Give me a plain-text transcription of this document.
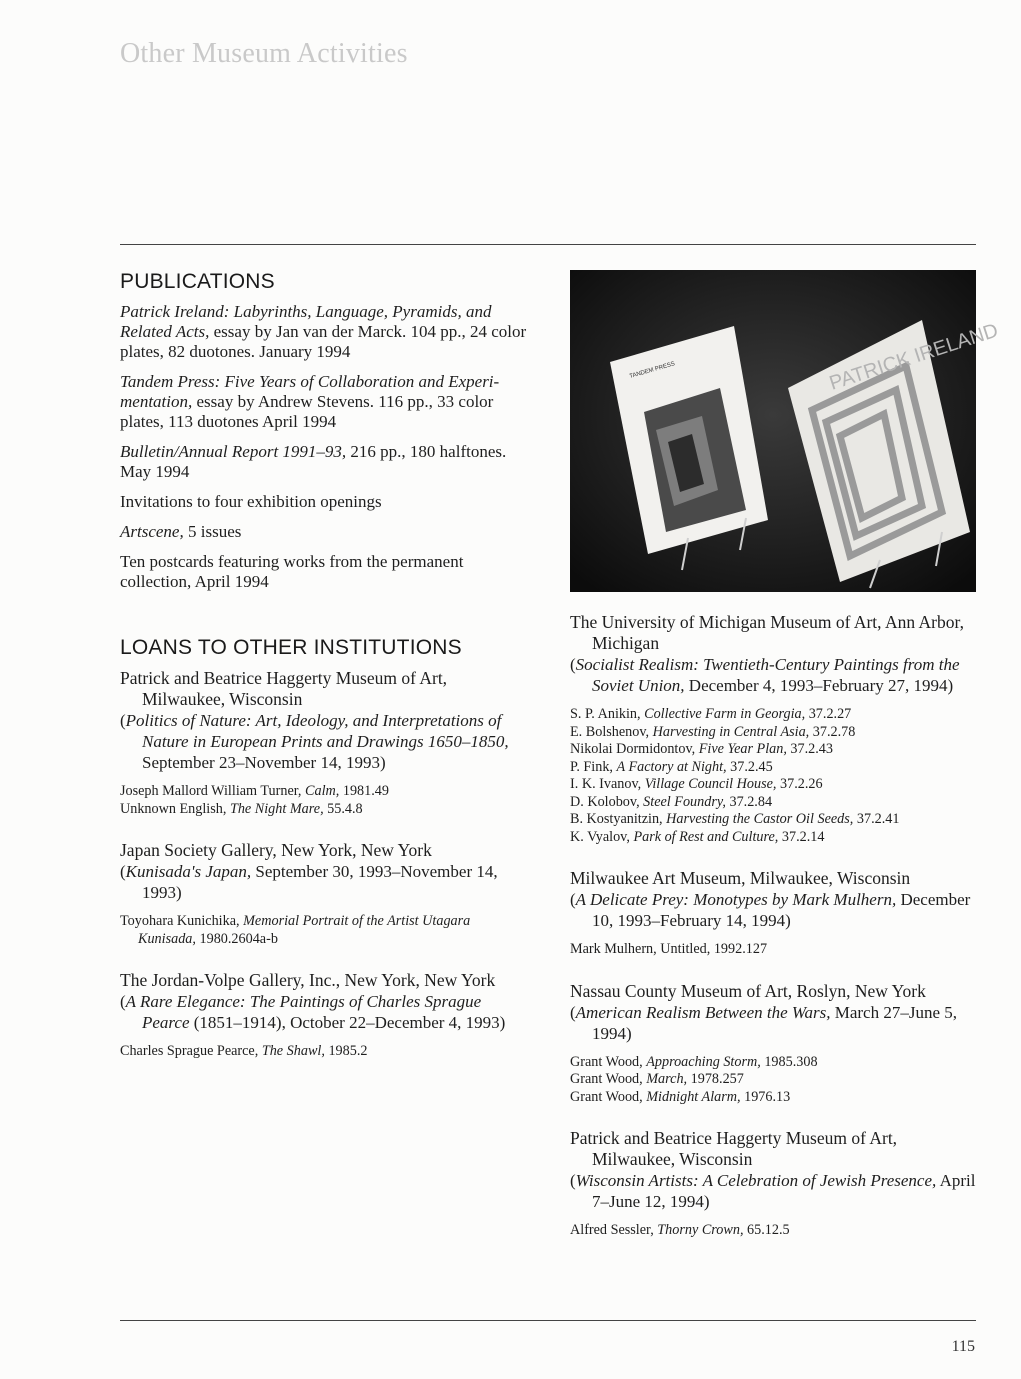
Other Museum Activities
PUBLICATIONS

Patrick Ireland: Labyrinths, Language, Pyramids, and Related Acts, essay by Jan van der Marck. 104 pp., 24 color plates, 82 duotones. January 1994

Tandem Press: Five Years of Collaboration and Experimentation, essay by Andrew Stevens. 116 pp., 33 color plates, 113 duotones April 1994

Bulletin/Annual Report 1991–93, 216 pp., 180 halftones. May 1994

Invitations to four exhibition openings

Artscene, 5 issues

Ten postcards featuring works from the permanent collection, April 1994

LOANS TO OTHER INSTITUTIONS
Patrick and Beatrice Haggerty Museum of Art, Milwaukee, Wisconsin
(Politics of Nature: Art, Ideology, and Interpretations of Nature in European Prints and Drawings 1650–1850, September 23–November 14, 1993)
Joseph Mallord William Turner, Calm, 1981.49
Unknown English, The Night Mare, 55.4.8
Japan Society Gallery, New York, New York
(Kunisada's Japan, September 30, 1993–November 14, 1993)
Toyohara Kunichika, Memorial Portrait of the Artist Utagara Kunisada, 1980.2604a-b
The Jordan-Volpe Gallery, Inc., New York, New York
(A Rare Elegance: The Paintings of Charles Sprague Pearce (1851–1914), October 22–December 4, 1993)
Charles Sprague Pearce, The Shawl, 1985.2
PATRICK IRELAND
TANDEM PRESS
The University of Michigan Museum of Art, Ann Arbor, Michigan
(Socialist Realism: Twentieth-Century Paintings from the Soviet Union, December 4, 1993–February 27, 1994)
S. P. Anikin, Collective Farm in Georgia, 37.2.27
E. Bolshenov, Harvesting in Central Asia, 37.2.78
Nikolai Dormidontov, Five Year Plan, 37.2.43
P. Fink, A Factory at Night, 37.2.45
I. K. Ivanov, Village Council House, 37.2.26
D. Kolobov, Steel Foundry, 37.2.84
B. Kostyanitzin, Harvesting the Castor Oil Seeds, 37.2.41
K. Vyalov, Park of Rest and Culture, 37.2.14
Milwaukee Art Museum, Milwaukee, Wisconsin
(A Delicate Prey: Monotypes by Mark Mulhern, December 10, 1993–February 14, 1994)
Mark Mulhern, Untitled, 1992.127
Nassau County Museum of Art, Roslyn, New York
(American Realism Between the Wars, March 27–June 5, 1994)
Grant Wood, Approaching Storm, 1985.308
Grant Wood, March, 1978.257
Grant Wood, Midnight Alarm, 1976.13
Patrick and Beatrice Haggerty Museum of Art, Milwaukee, Wisconsin
(Wisconsin Artists: A Celebration of Jewish Presence, April 7–June 12, 1994)
Alfred Sessler, Thorny Crown, 65.12.5
115
